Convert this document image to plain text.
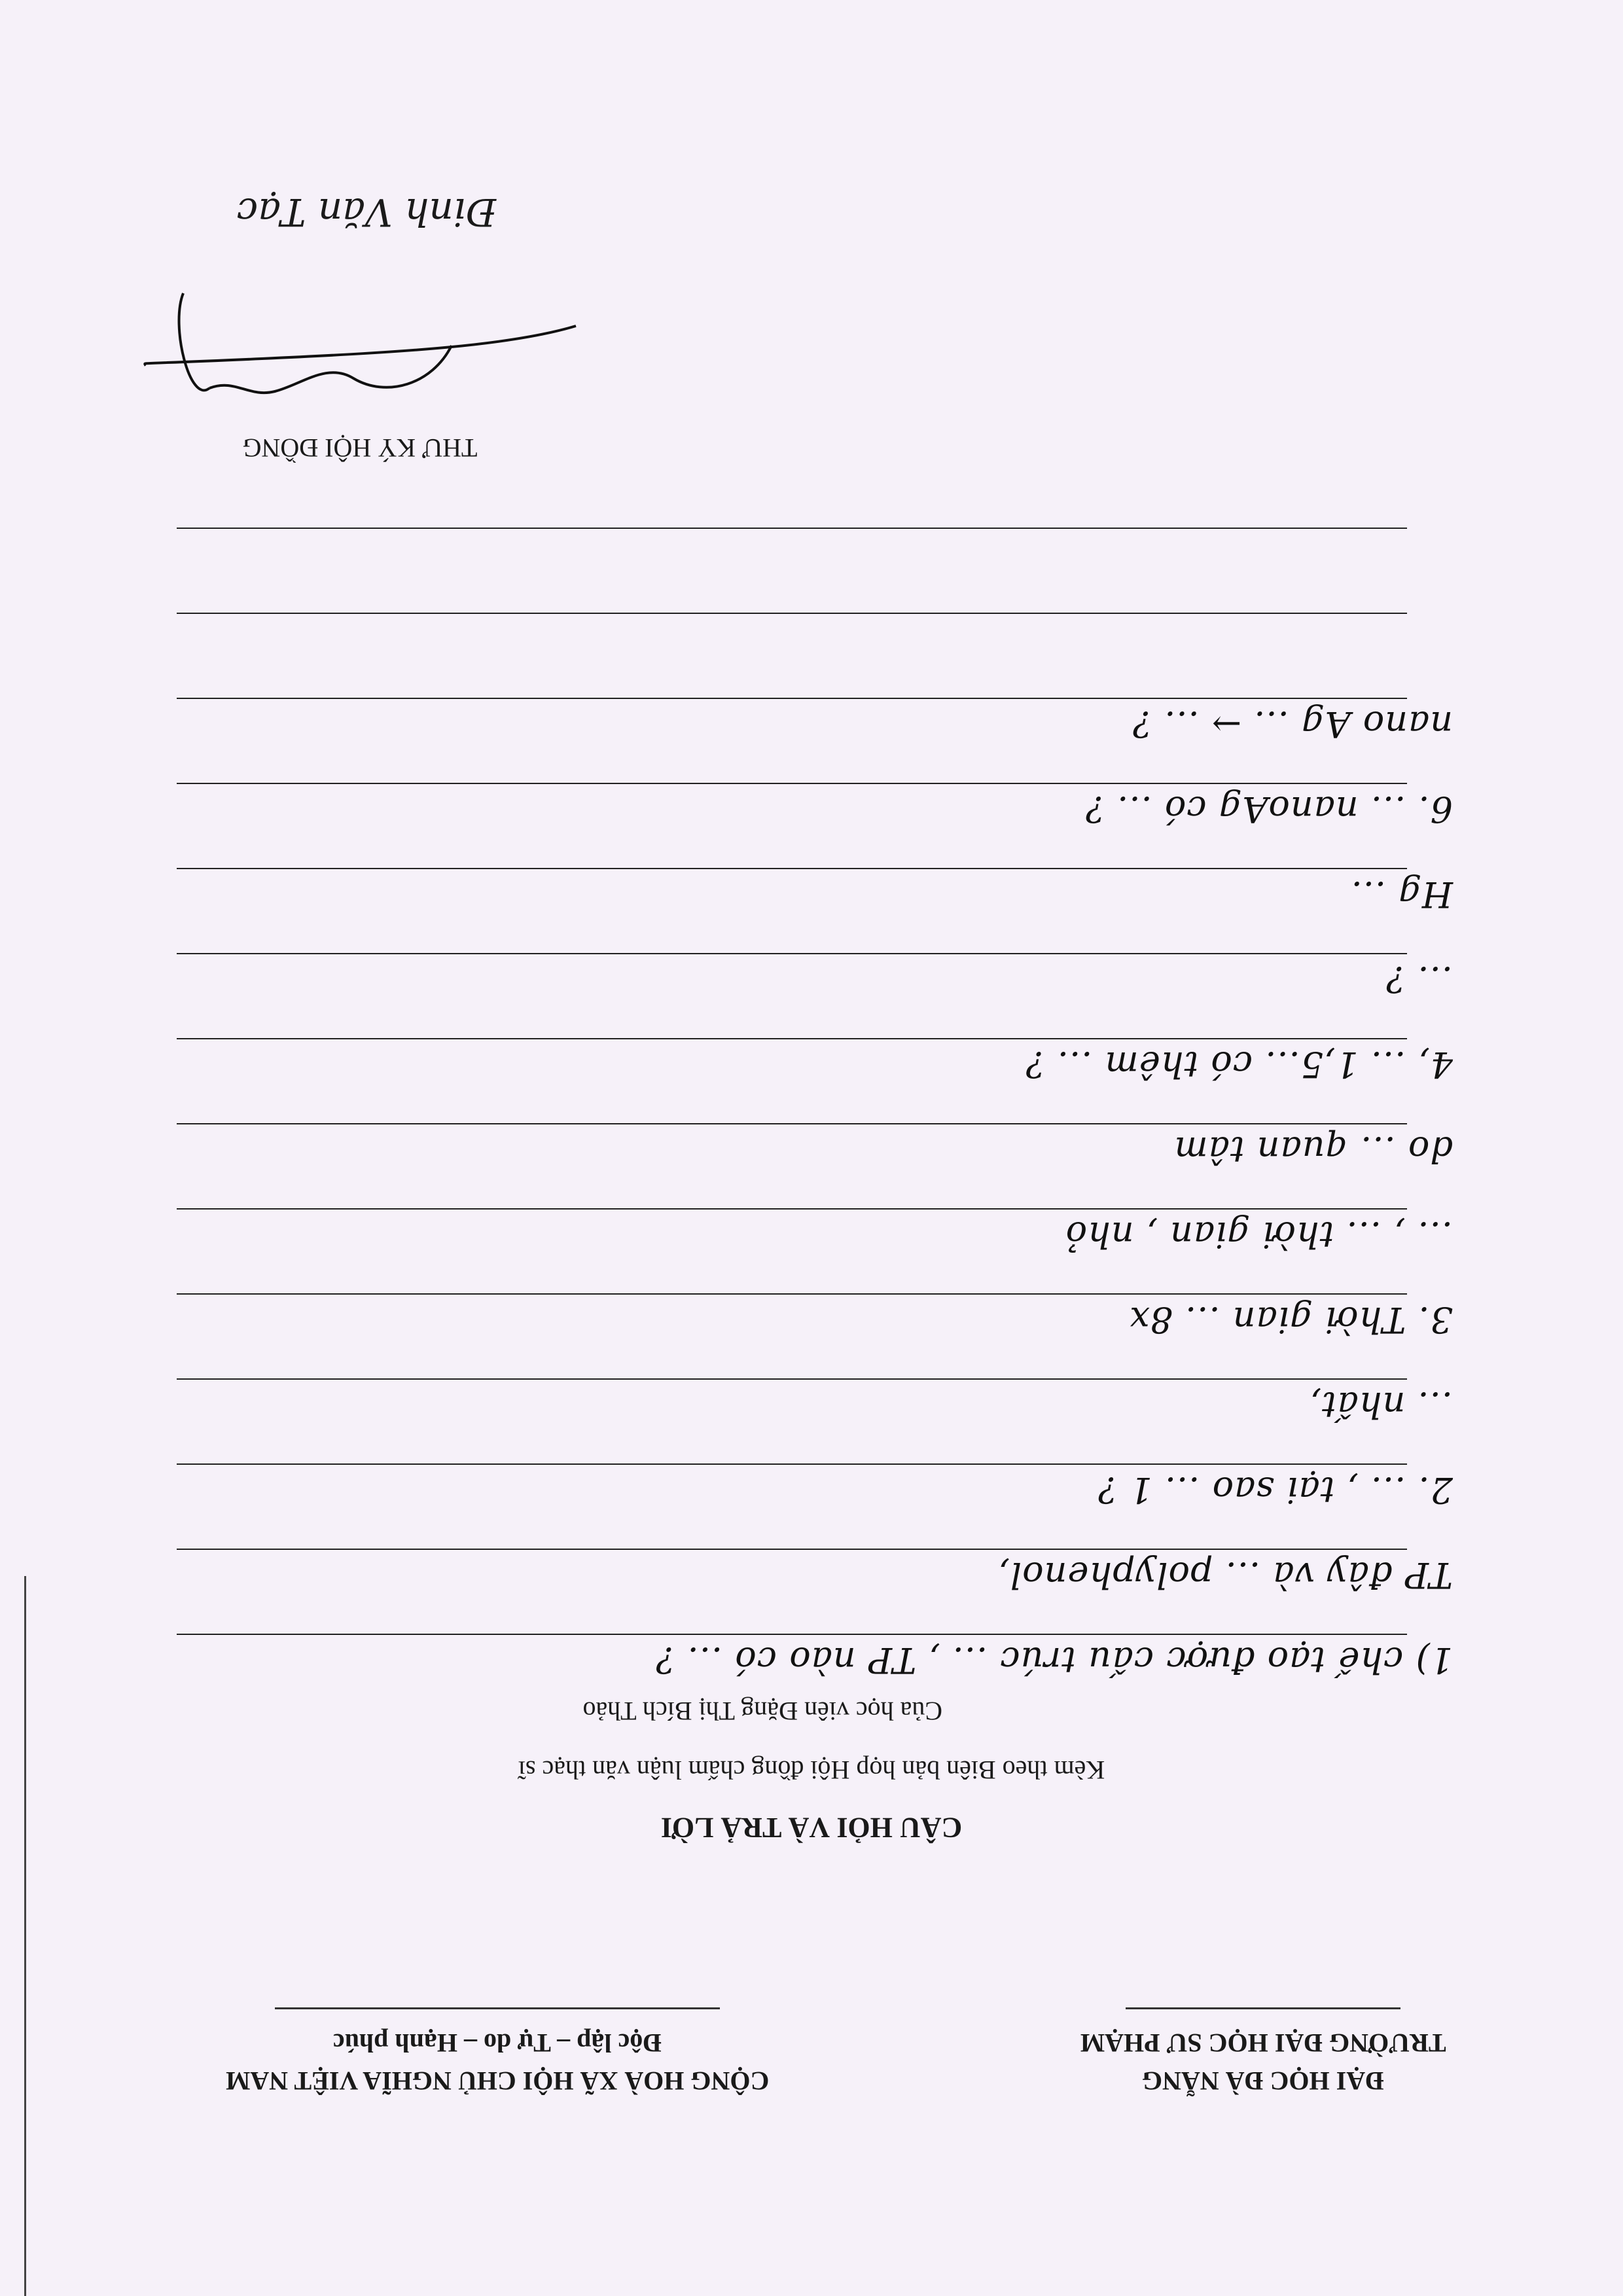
ĐẠI HỌC ĐÀ NẴNG
TRƯỜNG ĐẠI HỌC SƯ PHẠM
CỘNG HOÀ XÃ HỘI CHỦ NGHĨA VIỆT NAM
Độc lập – Tự do – Hạnh phúc
CÂU HỎI VÀ TRẢ LỜI
Kèm theo Biên bản họp Hội đồng chấm luận văn thạc sĩ
Của học viên Đặng Thị Bích Thảo
1) chế tạo được cấu trúc ... , TP nào có ... ?
TP đây và ... polyphenol,
2. ... , tại sao ... 1 ?
... nhất,
3. Thời gian ... 8x
... , ... thời gian , nhỏ
do ... quan tâm
4, ... 1,5... có thêm ... ?
... ?
Hg ...
6. ... nanoAg có ... ?
nano Ag ... → ... ?
THƯ KÝ HỘI ĐỒNG
Đinh Văn Tạc
